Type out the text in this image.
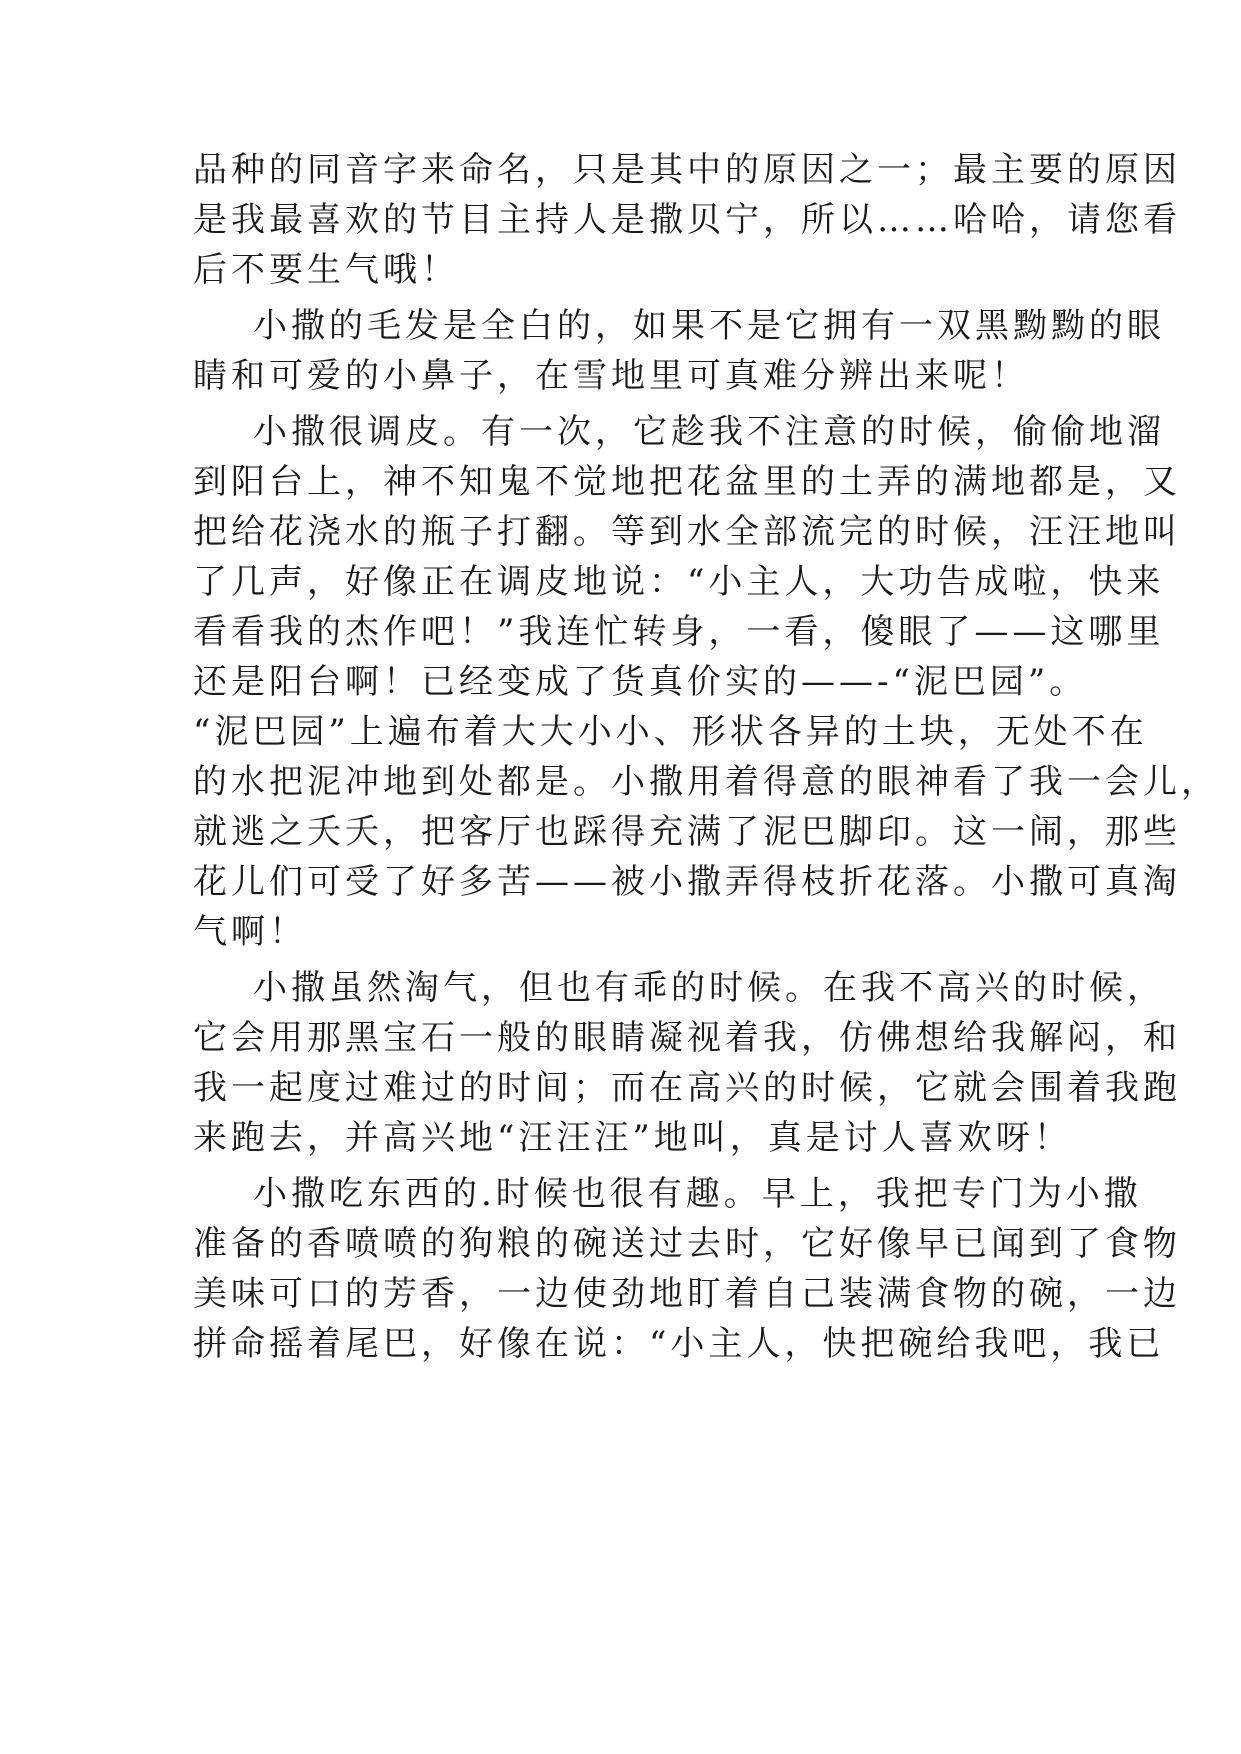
品种的同音字来命名，只是其中的原因之一；最主要的原因
是我最喜欢的节目主持人是撒贝宁，所以……哈哈，请您看
后不要生气哦！
小撒的毛发是全白的，如果不是它拥有一双黑黝黝的眼
睛和可爱的小鼻子，在雪地里可真难分辨出来呢！
小撒很调皮。有一次，它趁我不注意的时候，偷偷地溜
到阳台上，神不知鬼不觉地把花盆里的土弄的满地都是，又
把给花浇水的瓶子打翻。等到水全部流完的时候，汪汪地叫
了几声，好像正在调皮地说：“小主人，大功告成啦，快来
看看我的杰作吧！”我连忙转身，一看，傻眼了——这哪里
还是阳台啊！已经变成了货真价实的——-“泥巴园”。
“泥巴园”上遍布着大大小小、形状各异的土块，无处不在
的水把泥冲地到处都是。小撒用着得意的眼神看了我一会儿，
就逃之夭夭，把客厅也踩得充满了泥巴脚印。这一闹，那些
花儿们可受了好多苦——被小撒弄得枝折花落。小撒可真淘
气啊！
小撒虽然淘气，但也有乖的时候。在我不高兴的时候，
它会用那黑宝石一般的眼睛凝视着我，仿佛想给我解闷，和
我一起度过难过的时间；而在高兴的时候，它就会围着我跑
来跑去，并高兴地“汪汪汪”地叫，真是讨人喜欢呀！
小撒吃东西的.时候也很有趣。早上，我把专门为小撒
准备的香喷喷的狗粮的碗送过去时，它好像早已闻到了食物
美味可口的芳香，一边使劲地盯着自己装满食物的碗，一边
拼命摇着尾巴，好像在说：“小主人，快把碗给我吧，我已
